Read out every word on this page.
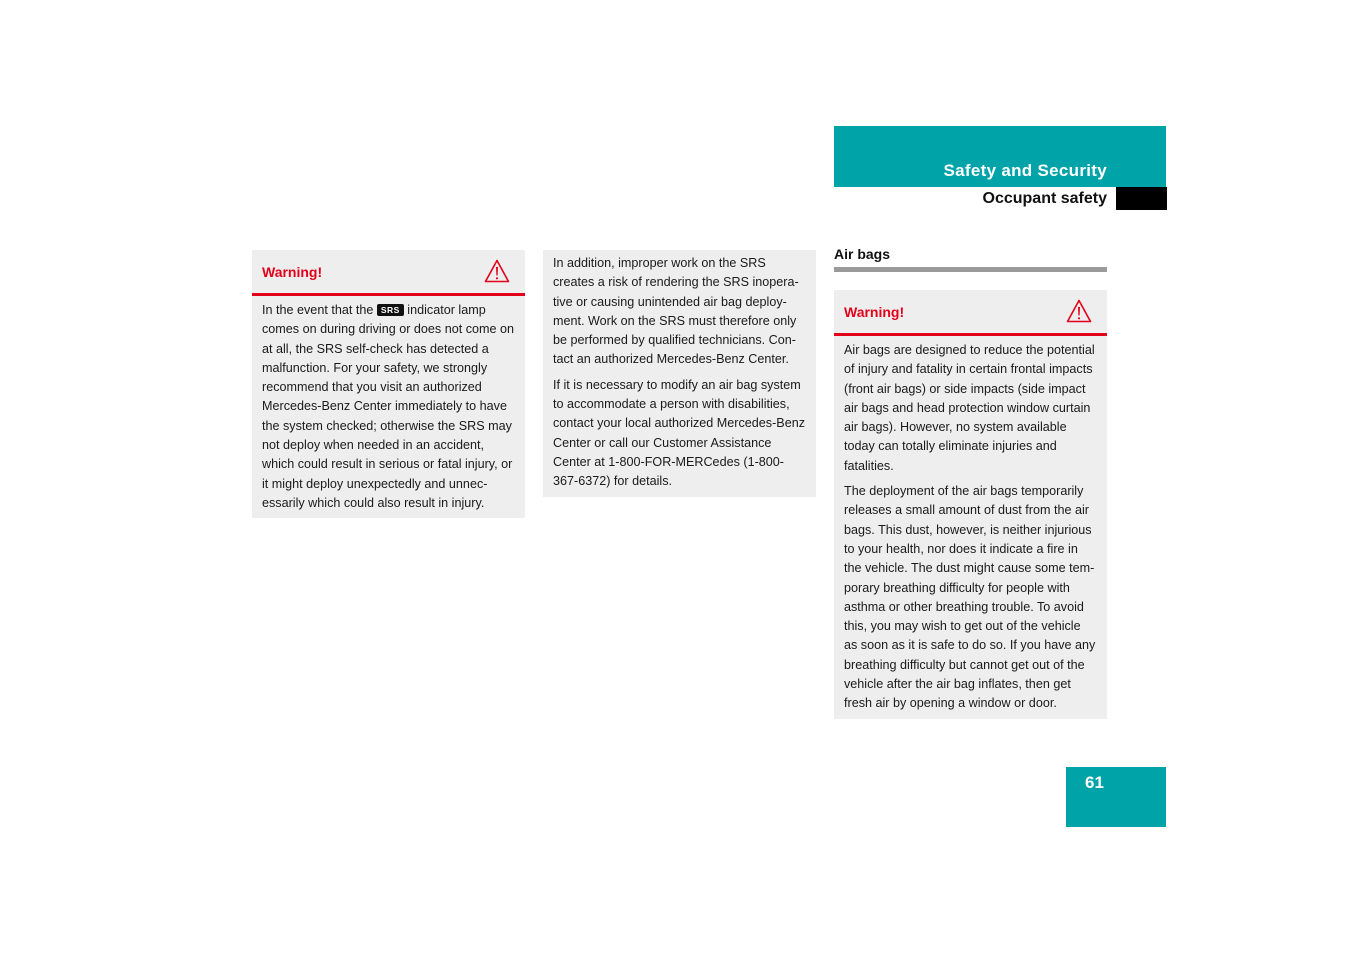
Safety and Security
Occupant safety
Warning!

In the event that the SRS indicator lamp comes on during driving or does not come on at all, the SRS self-check has detected a malfunction. For your safety, we strongly recommend that you visit an authorized Mercedes-Benz Center immediately to have the system checked; otherwise the SRS may not deploy when needed in an accident, which could result in serious or fatal injury, or it might deploy unexpectedly and unnecessarily which could also result in injury.

In addition, improper work on the SRS creates a risk of rendering the SRS inoperative or causing unintended air bag deployment. Work on the SRS must therefore only be performed by qualified technicians. Contact an authorized Mercedes-Benz Center.

If it is necessary to modify an air bag system to accommodate a person with disabilities, contact your local authorized Mercedes-Benz Center or call our Customer Assistance Center at 1-800-FOR-MERCedes (1-800-367-6372) for details.

Air bags
Warning!

Air bags are designed to reduce the potential of injury and fatality in certain frontal impacts (front air bags) or side impacts (side impact air bags and head protection window curtain air bags). However, no system available today can totally eliminate injuries and fatalities.

The deployment of the air bags temporarily releases a small amount of dust from the air bags. This dust, however, is neither injurious to your health, nor does it indicate a fire in the vehicle. The dust might cause some temporary breathing difficulty for people with asthma or other breathing trouble. To avoid this, you may wish to get out of the vehicle as soon as it is safe to do so. If you have any breathing difficulty but cannot get out of the vehicle after the air bag inflates, then get fresh air by opening a window or door.

61
